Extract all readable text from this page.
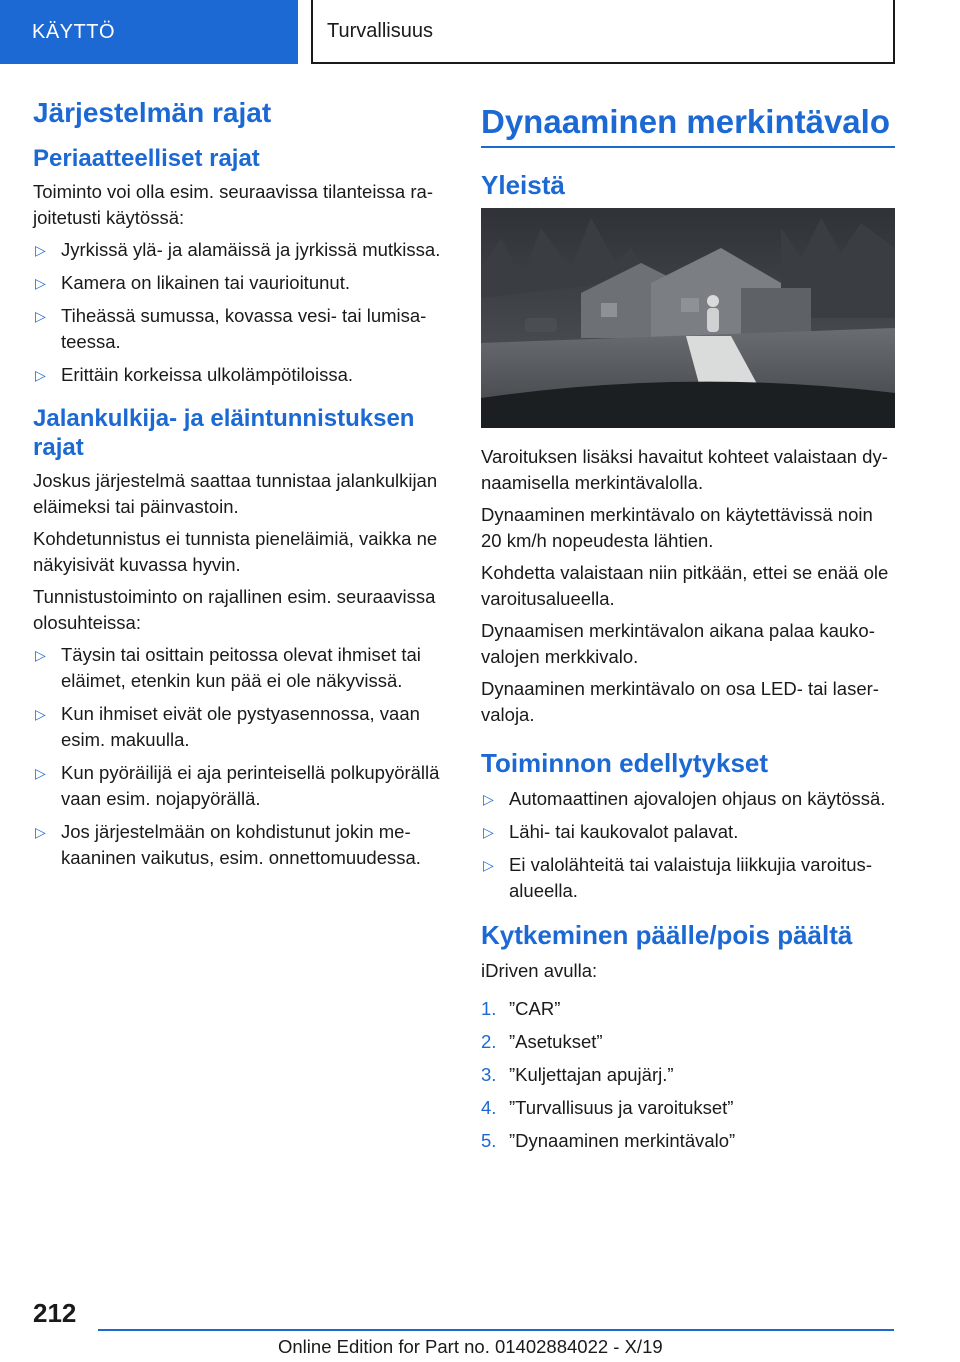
KÄYTTÖ	Turvallisuus
Järjestelmän rajat
Periaatteelliset rajat

Toiminto voi olla esim. seuraavissa tilanteissa rajoitetusti käytössä:

▷ Jyrkissä ylä- ja alamäissä ja jyrkissä mutkissa.
▷ Kamera on likainen tai vaurioitunut.
▷ Tiheässä sumussa, kovassa vesi- tai lumisateessa.
▷ Erittäin korkeissa ulkolämpötiloissa.
Jalankulkija- ja eläintunnistuksen rajat

Joskus järjestelmä saattaa tunnistaa jalankulkijan eläimeksi tai päinvastoin.

Kohdetunnistus ei tunnista pieneläimiä, vaikka ne näkyisivät kuvassa hyvin.

Tunnistustoiminto on rajallinen esim. seuraavissa olosuhteissa:

▷ Täysin tai osittain peitossa olevat ihmiset tai eläimet, etenkin kun pää ei ole näkyvissä.
▷ Kun ihmiset eivät ole pystyasennossa, vaan esim. makuulla.
▷ Kun pyöräilijä ei aja perinteisellä polkupyörällä vaan esim. nojapyörällä.
▷ Jos järjestelmään on kohdistunut jokin mekaaninen vaikutus, esim. onnettomuudessa.
Dynaaminen merkintävalo
Yleistä

Varoituksen lisäksi havaitut kohteet valaistaan dynaamisella merkintävalolla.

Dynaaminen merkintävalo on käytettävissä noin 20 km/h nopeudesta lähtien.

Kohdetta valaistaan niin pitkään, ettei se enää ole varoitusalueella.

Dynaamisen merkintävalon aikana palaa kaukovalojen merkkivalo.

Dynaaminen merkintävalo on osa LED- tai laservaloja.

Toiminnon edellytykset
▷ Automaattinen ajovalojen ohjaus on käytössä.
▷ Lähi- tai kaukovalot palavat.
▷ Ei valolähteitä tai valaistuja liikkujia varoitusalueella.
Kytkeminen päälle/pois päältä

iDriven avulla:

1. ”CAR”
2. ”Asetukset”
3. ”Kuljettajan apujärj.”
4. ”Turvallisuus ja varoitukset”
5. ”Dynaaminen merkintävalo”
212
Online Edition for Part no. 01402884022 - X/19
